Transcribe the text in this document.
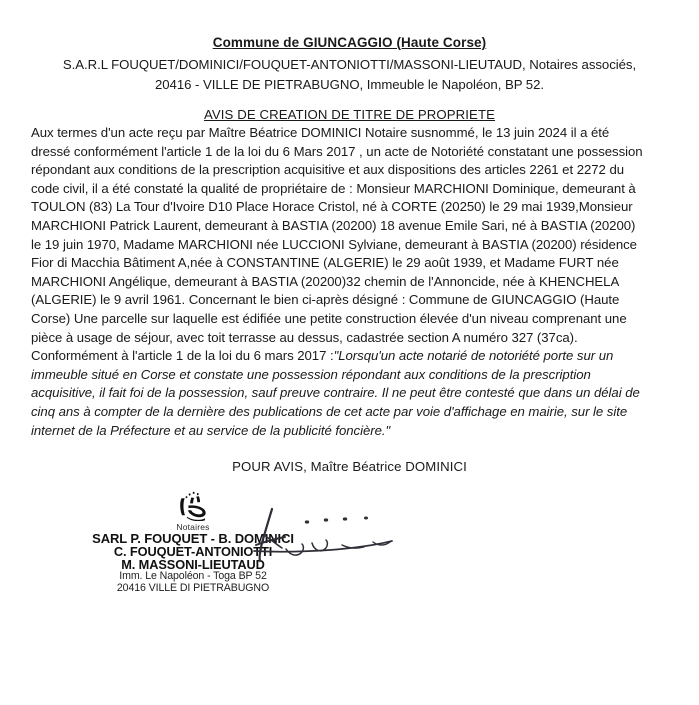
Commune de GIUNCAGGIO (Haute Corse)
S.A.R.L FOUQUET/DOMINICI/FOUQUET-ANTONIOTTI/MASSONI-LIEUTAUD, Notaires associés,
20416 - VILLE DE PIETRABUGNO, Immeuble le Napoléon, BP 52.
AVIS DE CREATION DE TITRE DE PROPRIETE

Aux termes d'un acte reçu par Maître Béatrice DOMINICI Notaire susnommé, le 13 juin 2024 il a été dressé conformément l'article 1 de la loi du 6 Mars 2017 , un acte de Notoriété constatant une possession répondant aux conditions de la prescription acquisitive et aux dispositions des articles 2261 et 2272 du code civil, il a été constaté la qualité de propriétaire de : Monsieur MARCHIONI Dominique, demeurant à TOULON (83) La Tour d'Ivoire D10 Place Horace Cristol, né à CORTE (20250) le 29 mai 1939,Monsieur MARCHIONI Patrick Laurent, demeurant à BASTIA (20200) 18 avenue Emile Sari, né à BASTIA (20200) le 19 juin 1970, Madame MARCHIONI née LUCCIONI Sylviane, demeurant à BASTIA (20200) résidence Fior di Macchia Bâtiment A,née à CONSTANTINE (ALGERIE) le 29 août 1939, et Madame FURT née MARCHIONI Angélique, demeurant à BASTIA (20200)32 chemin de l'Annoncide, née à KHENCHELA (ALGERIE) le 9 avril 1961. Concernant le bien ci-après désigné : Commune de GIUNCAGGIO (Haute Corse) Une parcelle sur laquelle est édifiée une petite construction élevée d'un niveau comprenant une pièce à usage de séjour, avec toit terrasse au dessus, cadastrée section A numéro 327 (37ca). Conformément à l'article 1 de la loi du 6 mars 2017 :"Lorsqu'un acte notarié de notoriété porte sur un immeuble situé en Corse et constate une possession répondant aux conditions de la prescription acquisitive, il fait foi de la possession, sauf preuve contraire. Il ne peut être contesté que dans un délai de cinq ans à compter de la dernière des publications de cet acte par voie d'affichage en mairie, sur le site internet de la Préfecture et au service de la publicité foncière."

POUR AVIS, Maître Béatrice DOMINICI
Notaires
SARL P. FOUQUET - B. DOMINICI
C. FOUQUET-ANTONIOTTI
M. MASSONI-LIEUTAUD
Imm. Le Napoléon - Toga BP 52
20416 VILLE DI PIETRABUGNO
